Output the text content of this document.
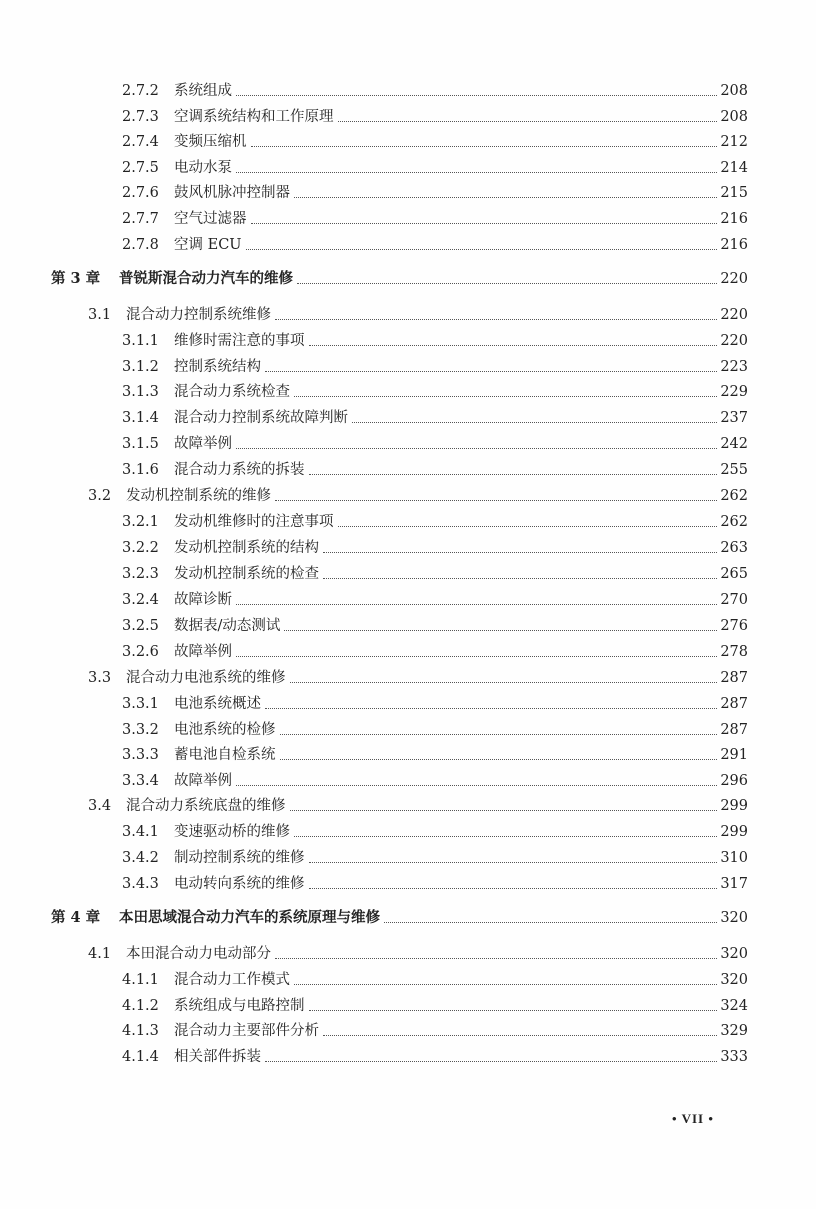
2.7.2 系统组成	208
2.7.3 空调系统结构和工作原理	208
2.7.4 变频压缩机	212
2.7.5 电动水泵	214
2.7.6 鼓风机脉冲控制器	215
2.7.7 空气过滤器	216
2.7.8 空调 ECU	216
第 3 章 普锐斯混合动力汽车的维修	220
3.1 混合动力控制系统维修	220
3.1.1 维修时需注意的事项	220
3.1.2 控制系统结构	223
3.1.3 混合动力系统检查	229
3.1.4 混合动力控制系统故障判断	237
3.1.5 故障举例	242
3.1.6 混合动力系统的拆装	255
3.2 发动机控制系统的维修	262
3.2.1 发动机维修时的注意事项	262
3.2.2 发动机控制系统的结构	263
3.2.3 发动机控制系统的检查	265
3.2.4 故障诊断	270
3.2.5 数据表/动态测试	276
3.2.6 故障举例	278
3.3 混合动力电池系统的维修	287
3.3.1 电池系统概述	287
3.3.2 电池系统的检修	287
3.3.3 蓄电池自检系统	291
3.3.4 故障举例	296
3.4 混合动力系统底盘的维修	299
3.4.1 变速驱动桥的维修	299
3.4.2 制动控制系统的维修	310
3.4.3 电动转向系统的维修	317
第 4 章 本田思域混合动力汽车的系统原理与维修	320
4.1 本田混合动力电动部分	320
4.1.1 混合动力工作模式	320
4.1.2 系统组成与电路控制	324
4.1.3 混合动力主要部件分析	329
4.1.4 相关部件拆装	333
• VII •
